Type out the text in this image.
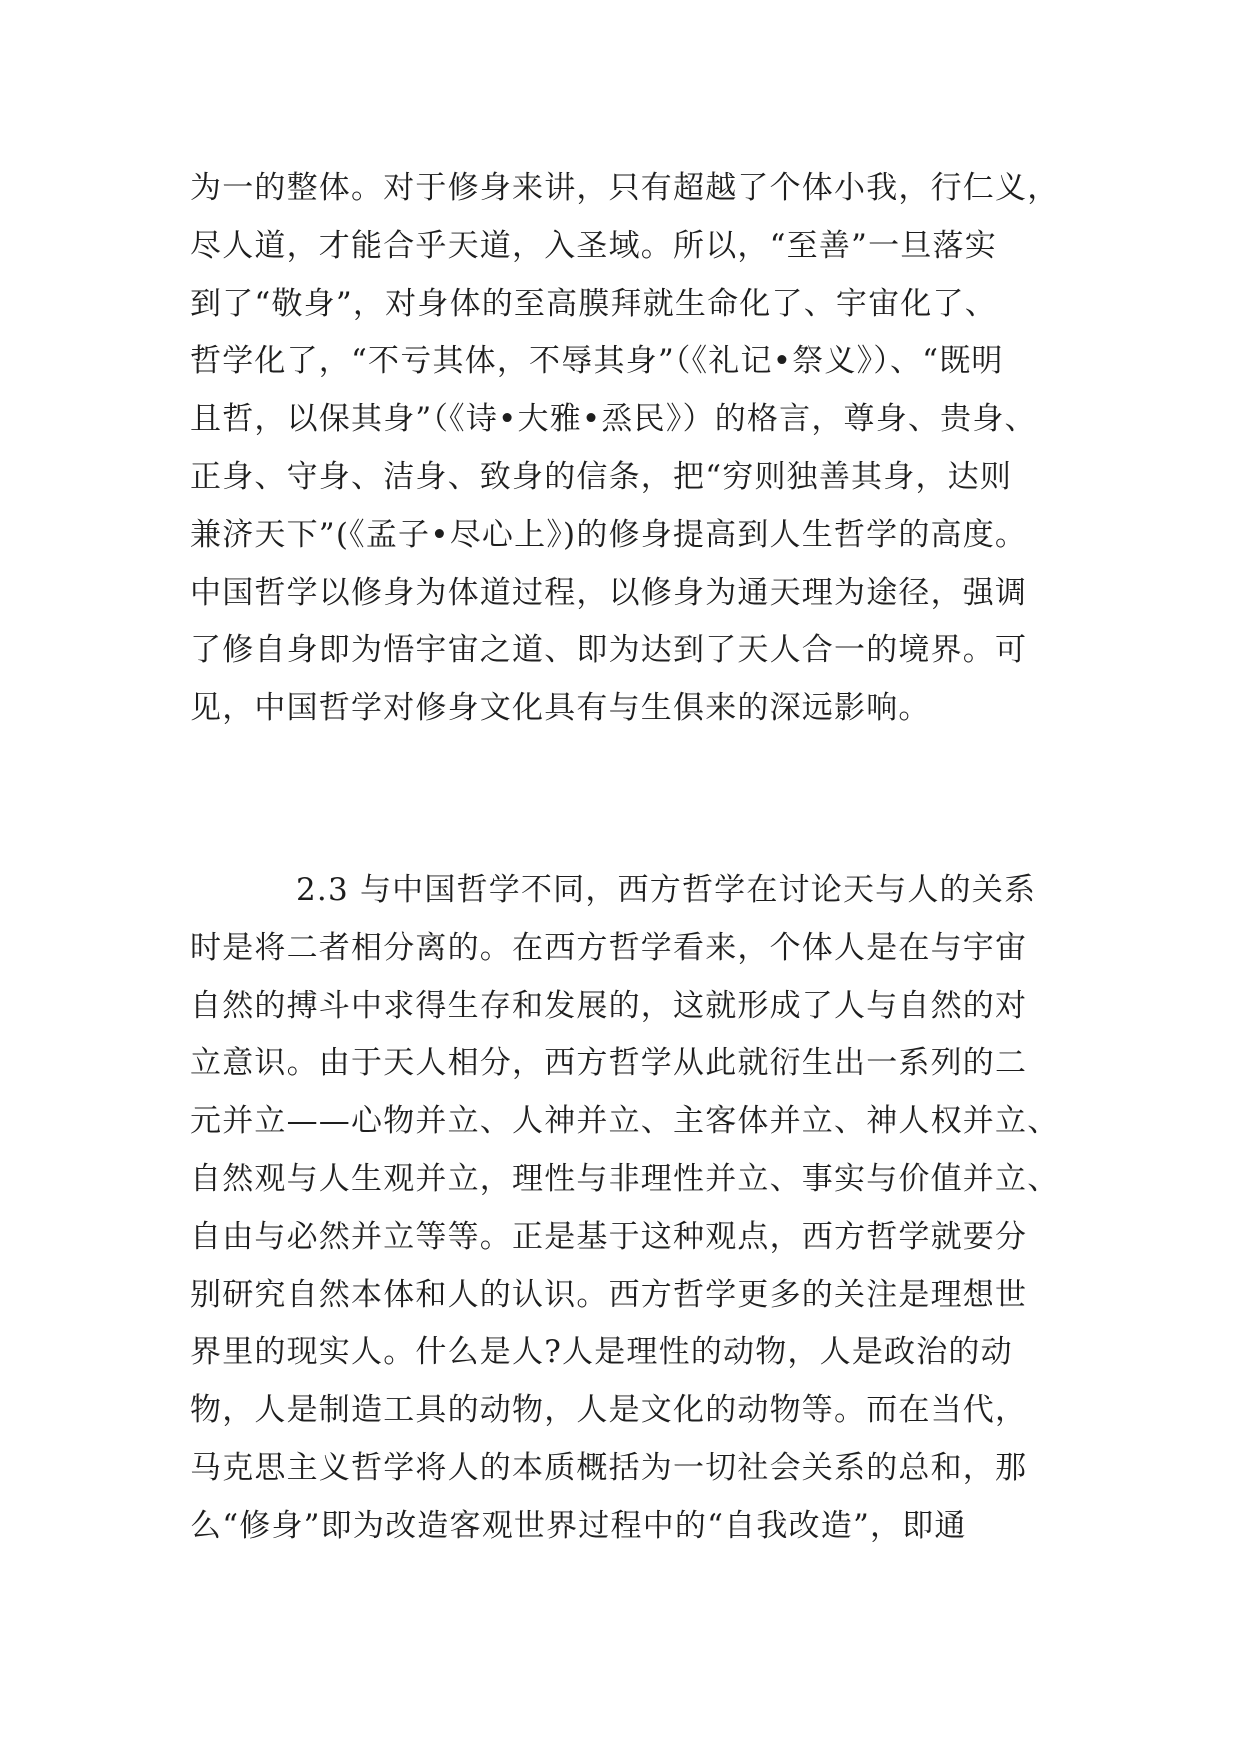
为一的整体。对于修身来讲，只有超越了个体小我，行仁义，
尽人道，才能合乎天道，入圣域。所以，“至善”一旦落实
到了“敬身”，对身体的至高膜拜就生命化了、宇宙化了、
哲学化了，“不亏其体，不辱其身”（《礼记•祭义》）、“既明
且哲，以保其身”（《诗•大雅•烝民》）的格言，尊身、贵身、
正身、守身、洁身、致身的信条，把“穷则独善其身，达则
兼济天下”(《孟子•尽心上》)的修身提高到人生哲学的高度。
中国哲学以修身为体道过程，以修身为通天理为途径，强调
了修自身即为悟宇宙之道、即为达到了天人合一的境界。可
见，中国哲学对修身文化具有与生俱来的深远影响。
2.3 与中国哲学不同，西方哲学在讨论天与人的关系
时是将二者相分离的。在西方哲学看来，个体人是在与宇宙
自然的搏斗中求得生存和发展的，这就形成了人与自然的对
立意识。由于天人相分，西方哲学从此就衍生出一系列的二
元并立——心物并立、人神并立、主客体并立、神人权并立、
自然观与人生观并立，理性与非理性并立、事实与价值并立、
自由与必然并立等等。正是基于这种观点，西方哲学就要分
别研究自然本体和人的认识。西方哲学更多的关注是理想世
界里的现实人。什么是人?人是理性的动物，人是政治的动
物，人是制造工具的动物，人是文化的动物等。而在当代，
马克思主义哲学将人的本质概括为一切社会关系的总和，那
么“修身”即为改造客观世界过程中的“自我改造”，即通
